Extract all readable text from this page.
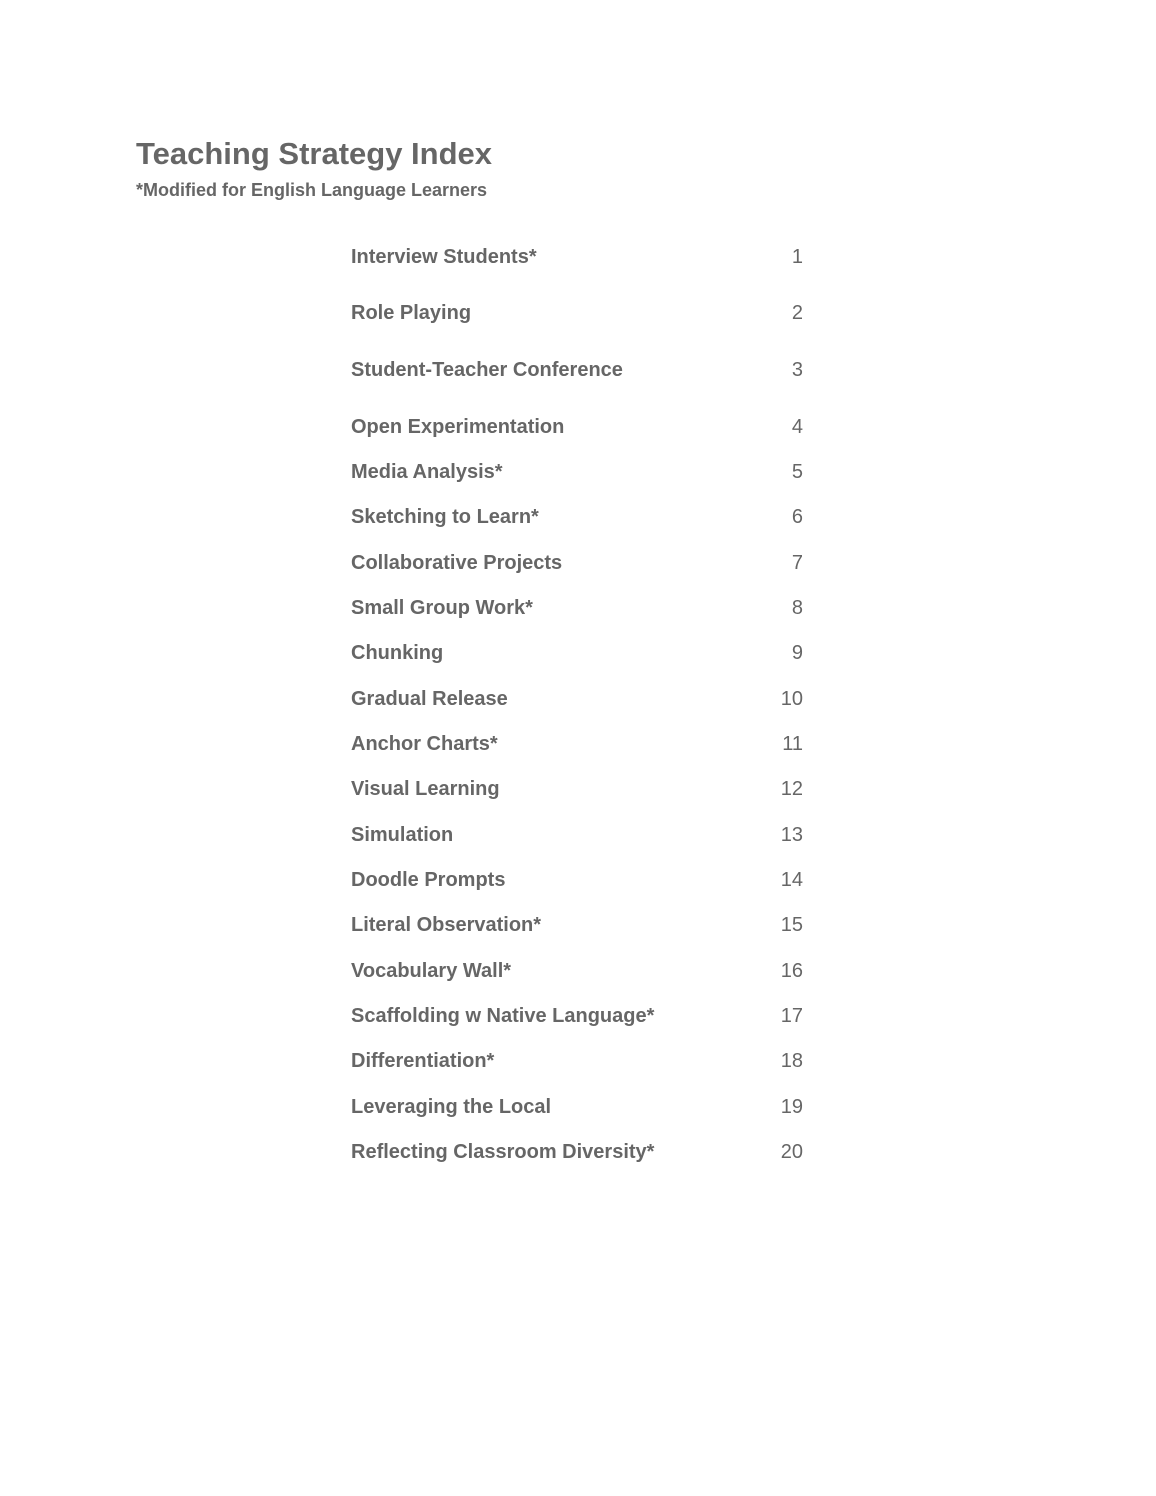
Teaching Strategy Index

*Modified for English Language Learners

Interview Students*	1
Role Playing	2
Student-Teacher Conference	3
Open Experimentation	4
Media Analysis*	5
Sketching to Learn*	6
Collaborative Projects	7
Small Group Work*	8
Chunking	9
Gradual Release	10
Anchor Charts*	11
Visual Learning	12
Simulation	13
Doodle Prompts	14
Literal Observation*	15
Vocabulary Wall*	16
Scaffolding w Native Language*	17
Differentiation*	18
Leveraging the Local	19
Reflecting Classroom Diversity*	20
